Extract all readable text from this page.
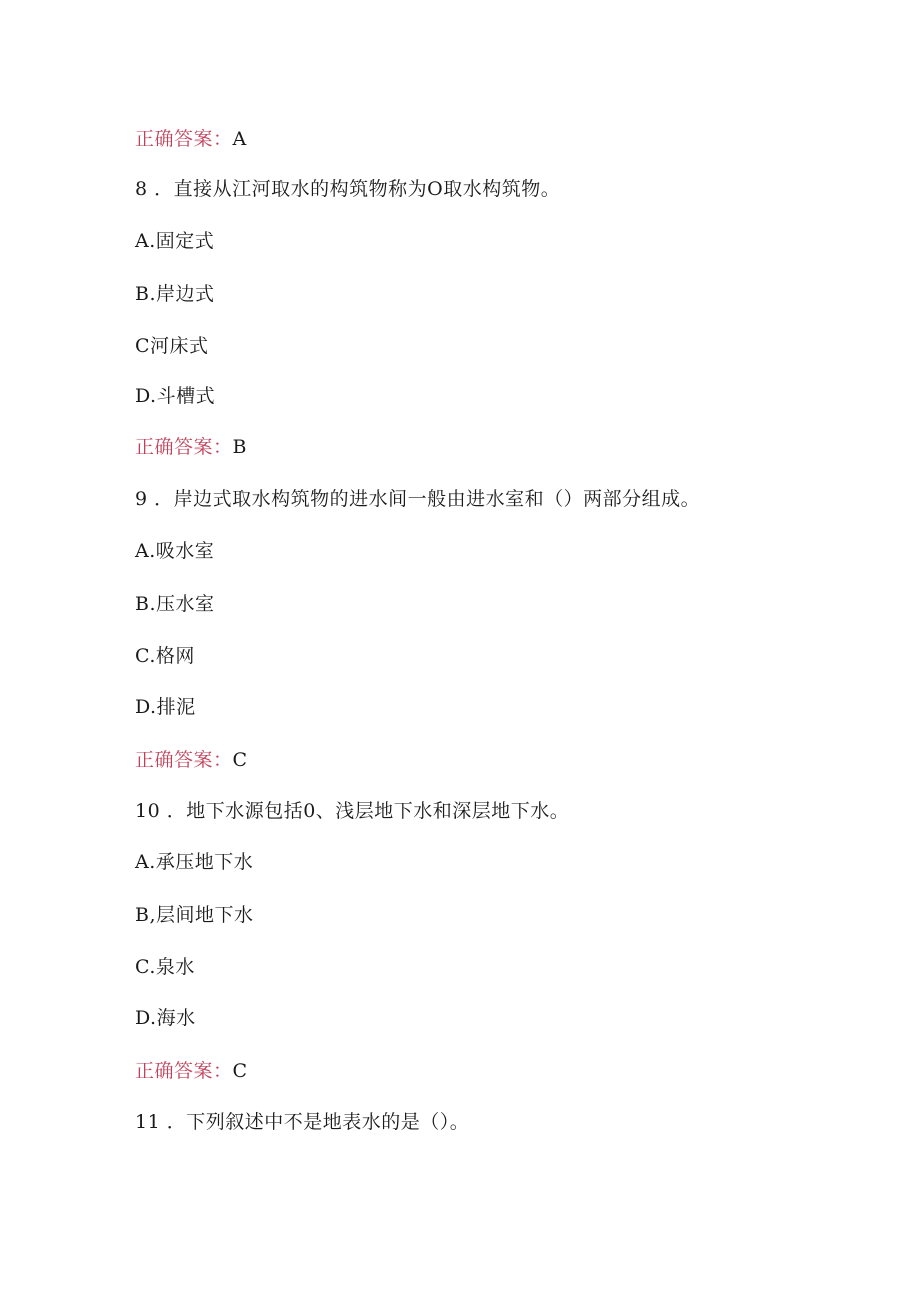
正确答案：A
8 ．直接从江河取水的构筑物称为O取水构筑物。
A.固定式
B.岸边式
C河床式
D.斗槽式
正确答案：B
9 ．岸边式取水构筑物的进水间一般由进水室和（）两部分组成。
A.吸水室
B.压水室
C.格网
D.排泥
正确答案：C
10 ．地下水源包括0、浅层地下水和深层地下水。
A.承压地下水
B,层间地下水
C.泉水
D.海水
正确答案：C
11 ．下列叙述中不是地表水的是（）。
